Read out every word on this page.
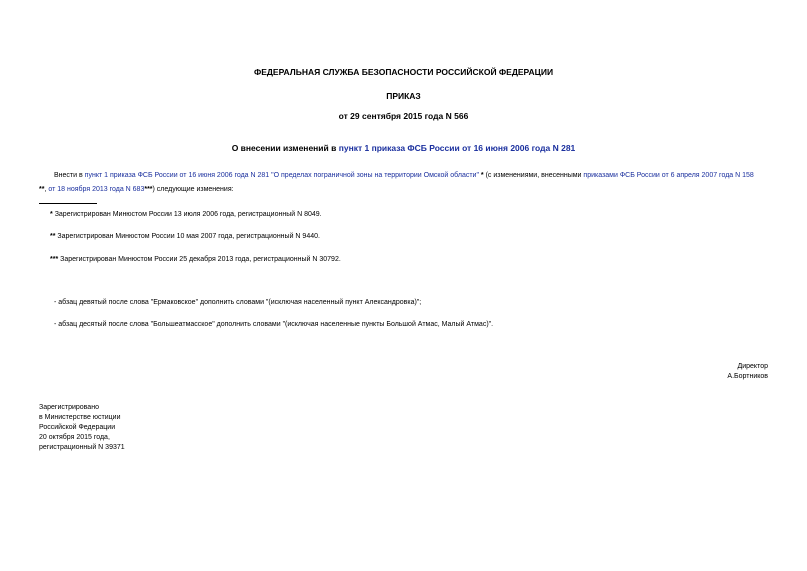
ФЕДЕРАЛЬНАЯ СЛУЖБА БЕЗОПАСНОСТИ РОССИЙСКОЙ ФЕДЕРАЦИИ
ПРИКАЗ
от 29 сентября 2015 года N 566
О внесении изменений в пункт 1 приказа ФСБ России от 16 июня 2006 года N 281
Внести в пункт 1 приказа ФСБ России от 16 июня 2006 года N 281 "О пределах пограничной зоны на территории Омской области" * (с изменениями, внесенными приказами ФСБ России от 6 апреля 2007 года N 158
**, от 18 ноября 2013 года N 683***) следующие изменения:
* Зарегистрирован Минюстом России 13 июля 2006 года, регистрационный N 8049.
** Зарегистрирован Минюстом России 10 мая 2007 года, регистрационный N 9440.
*** Зарегистрирован Минюстом России 25 декабря 2013 года, регистрационный N 30792.
- абзац девятый после слова "Ермаковское" дополнить словами "(исключая населенный пункт Александровка)";
- абзац десятый после слова "Большеатмасское" дополнить словами "(исключая населенные пункты Большой Атмас, Малый Атмас)".
Директор
А.Бортников
Зарегистрировано
в Министерстве юстиции
Российской Федерации
20 октября 2015 года,
регистрационный N 39371
